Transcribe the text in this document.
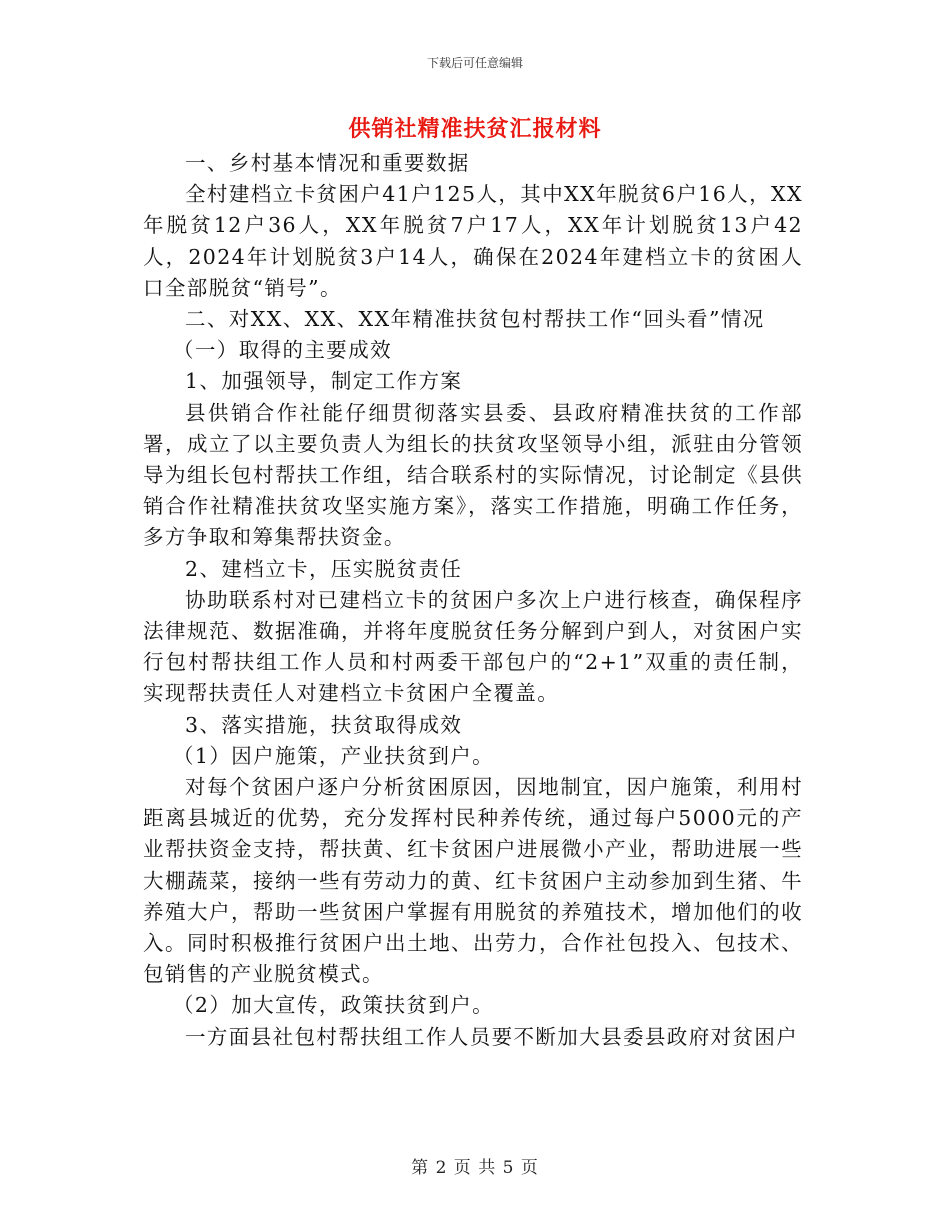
下载后可任意编辑
供销社精准扶贫汇报材料

一、乡村基本情况和重要数据

全村建档立卡贫困户41户125人，其中XX年脱贫6户16人，XX年脱贫12户36人，XX年脱贫7户17人，XX年计划脱贫13户42人，2024年计划脱贫3户14人，确保在2024年建档立卡的贫困人口全部脱贫“销号”。

二、对XX、XX、XX年精准扶贫包村帮扶工作“回头看”情况

（一）取得的主要成效

1、加强领导，制定工作方案

县供销合作社能仔细贯彻落实县委、县政府精准扶贫的工作部署，成立了以主要负责人为组长的扶贫攻坚领导小组，派驻由分管领导为组长包村帮扶工作组，结合联系村的实际情况，讨论制定《县供销合作社精准扶贫攻坚实施方案》，落实工作措施，明确工作任务，多方争取和筹集帮扶资金。

2、建档立卡，压实脱贫责任

协助联系村对已建档立卡的贫困户多次上户进行核查，确保程序法律规范、数据准确，并将年度脱贫任务分解到户到人，对贫困户实行包村帮扶组工作人员和村两委干部包户的“2+1”双重的责任制，实现帮扶责任人对建档立卡贫困户全覆盖。

3、落实措施，扶贫取得成效

（1）因户施策，产业扶贫到户。

对每个贫困户逐户分析贫困原因，因地制宜，因户施策，利用村距离县城近的优势，充分发挥村民种养传统，通过每户5000元的产业帮扶资金支持，帮扶黄、红卡贫困户进展微小产业，帮助进展一些大棚蔬菜，接纳一些有劳动力的黄、红卡贫困户主动参加到生猪、牛养殖大户，帮助一些贫困户掌握有用脱贫的养殖技术，增加他们的收入。同时积极推行贫困户出土地、出劳力，合作社包投入、包技术、包销售的产业脱贫模式。

（2）加大宣传，政策扶贫到户。

一方面县社包村帮扶组工作人员要不断加大县委县政府对贫困户

第 2 页 共 5 页
